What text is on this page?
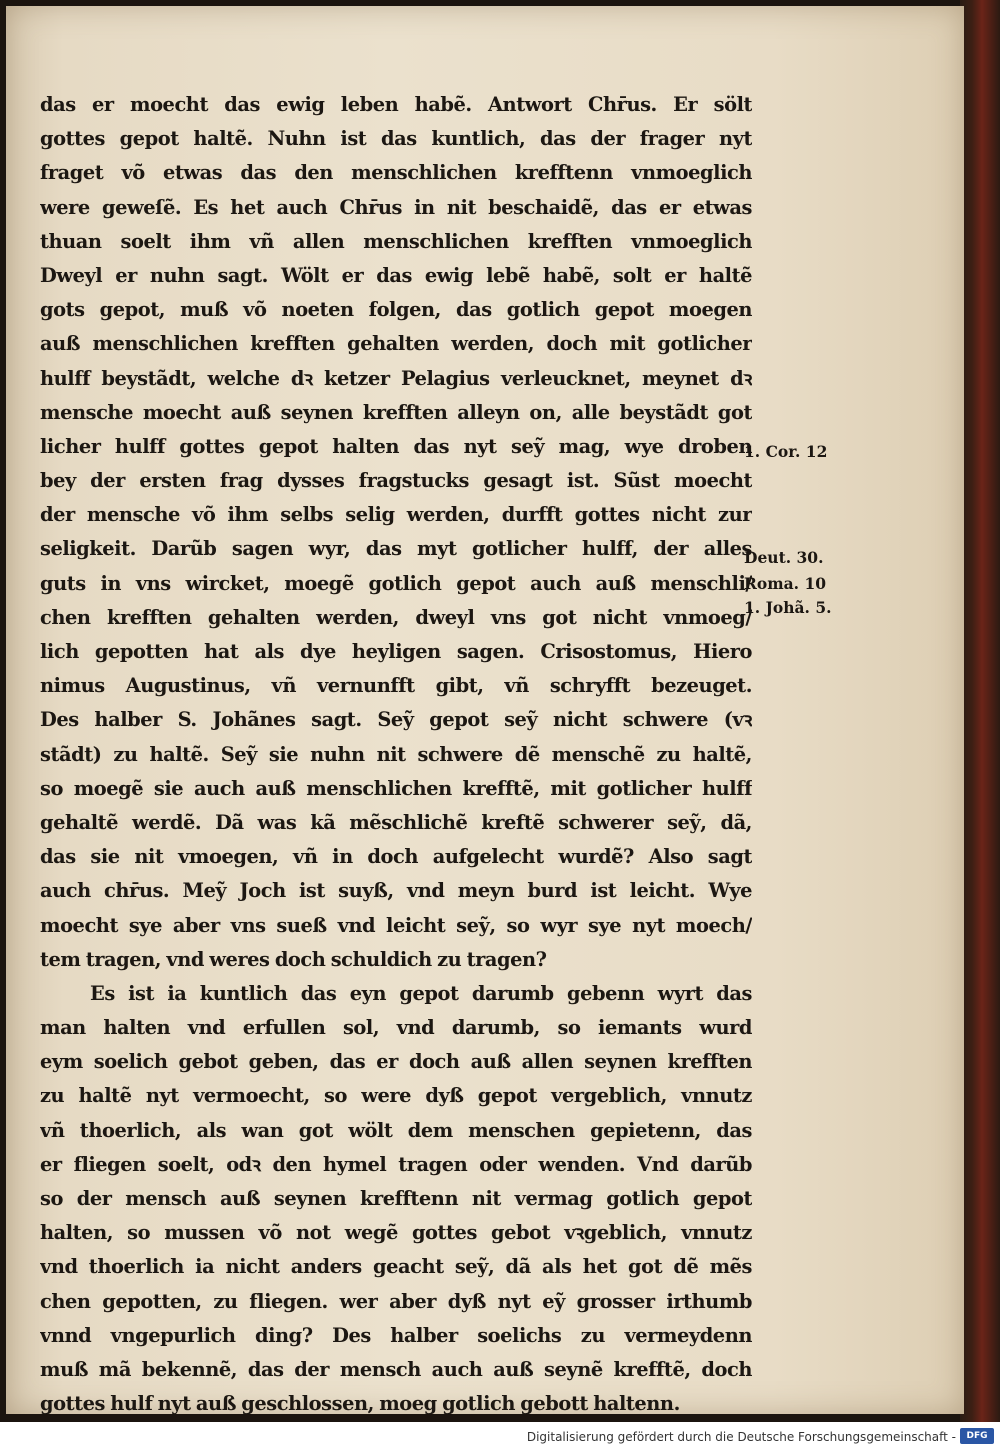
das er moecht das ewig leben habẽ. Antwort Chr̄us. Er sölt
gottes gepot haltẽ. Nuhn ist das kuntlich, das der frager nyt
fraget võ etwas das den menschlichen krefftenn vnmoeglich
were geweſẽ. Es het auch Chr̄us in nit beschaidẽ, das er etwas
thuan soelt ihm vñ allen menschlichen krefften vnmoeglich
Dweyl er nuhn sagt. Wölt er das ewig lebẽ habẽ, solt er haltẽ
gots gepot, muß võ noeten folgen, das gotlich gepot moegen
auß menschlichen krefften gehalten werden, doch mit gotlicher
hulff beystãdt, welche dꝛ ketzer Pelagius verleucknet, meynet dꝛ
mensche moecht auß seynen krefften alleyn on, alle beystãdt got
licher hulff gottes gepot halten das nyt seỹ mag, wye droben
bey der ersten frag dysses fragstucks gesagt ist. Sũst moecht
der mensche võ ihm selbs selig werden, durfft gottes nicht zur
seligkeit. Darũb sagen wyr, das myt gotlicher hulff, der alles
guts in vns wircket, moegẽ gotlich gepot auch auß menschli/
chen krefften gehalten werden, dweyl vns got nicht vnmoeg/
lich gepotten hat als dye heyligen sagen. Crisostomus, Hiero
nimus Augustinus, vñ vernunfft gibt, vñ schryfft bezeuget.
Des halber S. Johãnes sagt. Seỹ gepot seỹ nicht schwere (vꝛ
stãdt) zu haltẽ. Seỹ sie nuhn nit schwere dẽ menschẽ zu haltẽ,
so moegẽ sie auch auß menschlichen krefftẽ, mit gotlicher hulff
gehaltẽ werdẽ. Dã was kã mẽschlichẽ kreftẽ schwerer seỹ, dã,
das sie nit vmoegen, vñ in doch aufgelecht wurdẽ? Also sagt
auch chr̄us. Meỹ Joch ist suyß, vnd meyn burd ist leicht. Wye
moecht sye aber vns sueß vnd leicht seỹ, so wyr sye nyt moech/
tem tragen, vnd weres doch schuldich zu tragen?
Es ist ia kuntlich das eyn gepot darumb gebenn wyrt das
man halten vnd erfullen sol, vnd darumb, so iemants wurd
eym soelich gebot geben, das er doch auß allen seynen krefften
zu haltẽ nyt vermoecht, so were dyß gepot vergeblich, vnnutz
vñ thoerlich, als wan got wölt dem menschen gepietenn, das
er fliegen soelt, odꝛ den hymel tragen oder wenden. Vnd darũb
so der mensch auß seynen krefftenn nit vermag gotlich gepot
halten, so mussen võ not wegẽ gottes gebot vꝛgeblich, vnnutz
vnd thoerlich ia nicht anders geacht seỹ, dã als het got dẽ mẽs
chen gepotten, zu fliegen. wer aber dyß nyt eỹ grosser irthumb
vnnd vngepurlich ding? Des halber soelichs zu vermeydenn
muß mã bekennẽ, das der mensch auch auß seynẽ krefftẽ, doch
gottes hulf nyt auß geschlossen, moeg gotlich gebott haltenn.
1. Cor. 12
Deut. 30.
Roma. 10
1. Johã. 5.
Digitalisierung gefördert durch die Deutsche Forschungsgemeinschaft -	DFG
